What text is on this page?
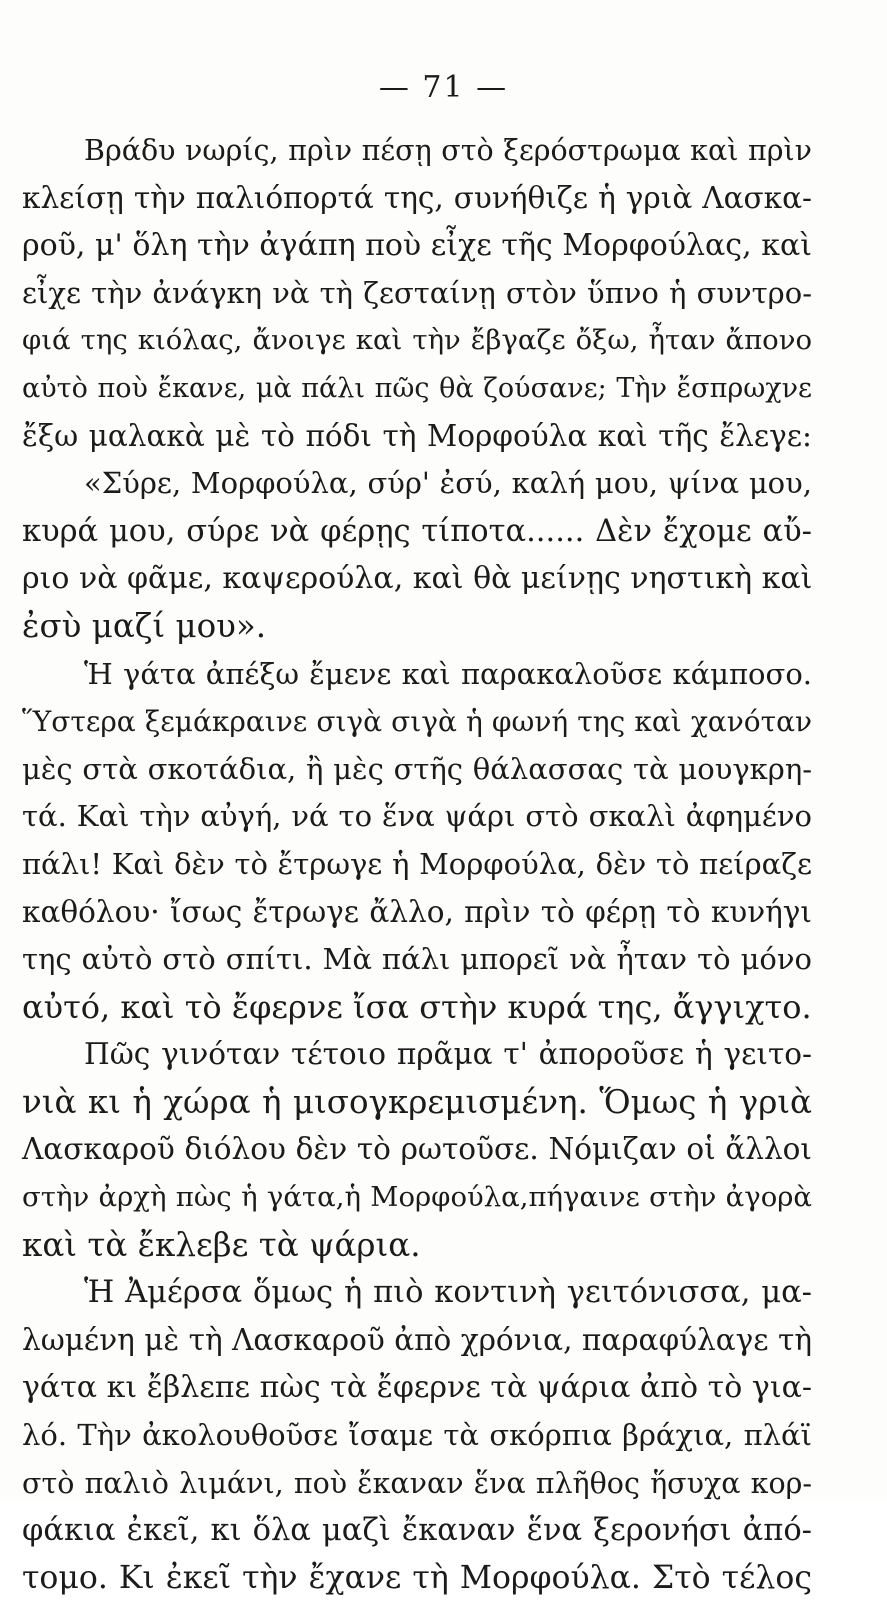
— 71 —
Βράδυ νωρίς, πρὶν πέσῃ στὸ ξερόστρωμα καὶ πρὶν
κλείσῃ τὴν παλιόπορτά της, συνήθιζε ἡ γριὰ Λασκα-
ροῦ, μ' ὅλη τὴν ἀγάπη ποὺ εἶχε τῆς Μορφούλας, καὶ
εἶχε τὴν ἀνάγκη νὰ τὴ ζεσταίνῃ στὸν ὕπνο ἡ συντρο-
φιά της κιόλας, ἄνοιγε καὶ τὴν ἔβγαζε ὄξω, ἦταν ἄπονο
αὐτὸ ποὺ ἔκανε, μὰ πάλι πῶς θὰ ζούσανε; Τὴν ἔσπρωχνε
ἔξω μαλακὰ μὲ τὸ πόδι τὴ Μορφούλα καὶ τῆς ἔλεγε:
«Σύρε, Μορφούλα, σύρ' ἐσύ, καλή μου, ψίνα μου,
κυρά μου, σύρε νὰ φέρῃς τίποτα...... Δὲν ἔχομε αὔ-
ριο νὰ φᾶμε, καψερούλα, καὶ θὰ μείνῃς νηστικὴ καὶ
ἐσὺ μαζί μου».
Ἡ γάτα ἀπέξω ἔμενε καὶ παρακαλοῦσε κάμποσο.
Ὕστερα ξεμάκραινε σιγὰ σιγὰ ἡ φωνή της καὶ χανόταν
μὲς στὰ σκοτάδια, ἢ μὲς στῆς θάλασσας τὰ μουγκρη-
τά. Καὶ τὴν αὐγή, νά το ἕνα ψάρι στὸ σκαλὶ ἀφημένο
πάλι! Καὶ δὲν τὸ ἔτρωγε ἡ Μορφούλα, δὲν τὸ πείραζε
καθόλου· ἴσως ἔτρωγε ἄλλο, πρὶν τὸ φέρῃ τὸ κυνήγι
της αὐτὸ στὸ σπίτι. Μὰ πάλι μπορεῖ νὰ ἦταν τὸ μόνο
αὐτό, καὶ τὸ ἔφερνε ἴσα στὴν κυρά της, ἄγγιχτο.
Πῶς γινόταν τέτοιο πρᾶμα τ' ἀποροῦσε ἡ γειτο-
νιὰ κι ἡ χώρα ἡ μισογκρεμισμένη. Ὅμως ἡ γριὰ
Λασκαροῦ διόλου δὲν τὸ ρωτοῦσε. Νόμιζαν οἱ ἄλλοι
στὴν ἀρχὴ πὼς ἡ γάτα,ἡ Μορφούλα,πήγαινε στὴν ἀγορὰ
καὶ τὰ ἔκλεβε τὰ ψάρια.
Ἡ Ἀμέρσα ὅμως ἡ πιὸ κοντινὴ γειτόνισσα, μα-
λωμένη μὲ τὴ Λασκαροῦ ἀπὸ χρόνια, παραφύλαγε τὴ
γάτα κι ἔβλεπε πὼς τὰ ἔφερνε τὰ ψάρια ἀπὸ τὸ για-
λό. Τὴν ἀκολουθοῦσε ἴσαμε τὰ σκόρπια βράχια, πλάϊ
στὸ παλιὸ λιμάνι, ποὺ ἔκαναν ἕνα πλῆθος ἥσυχα κορ-
φάκια ἐκεῖ, κι ὅλα μαζὶ ἔκαναν ἕνα ξερονήσι ἀπό-
τομο. Κι ἐκεῖ τὴν ἔχανε τὴ Μορφούλα. Στὸ τέλος
